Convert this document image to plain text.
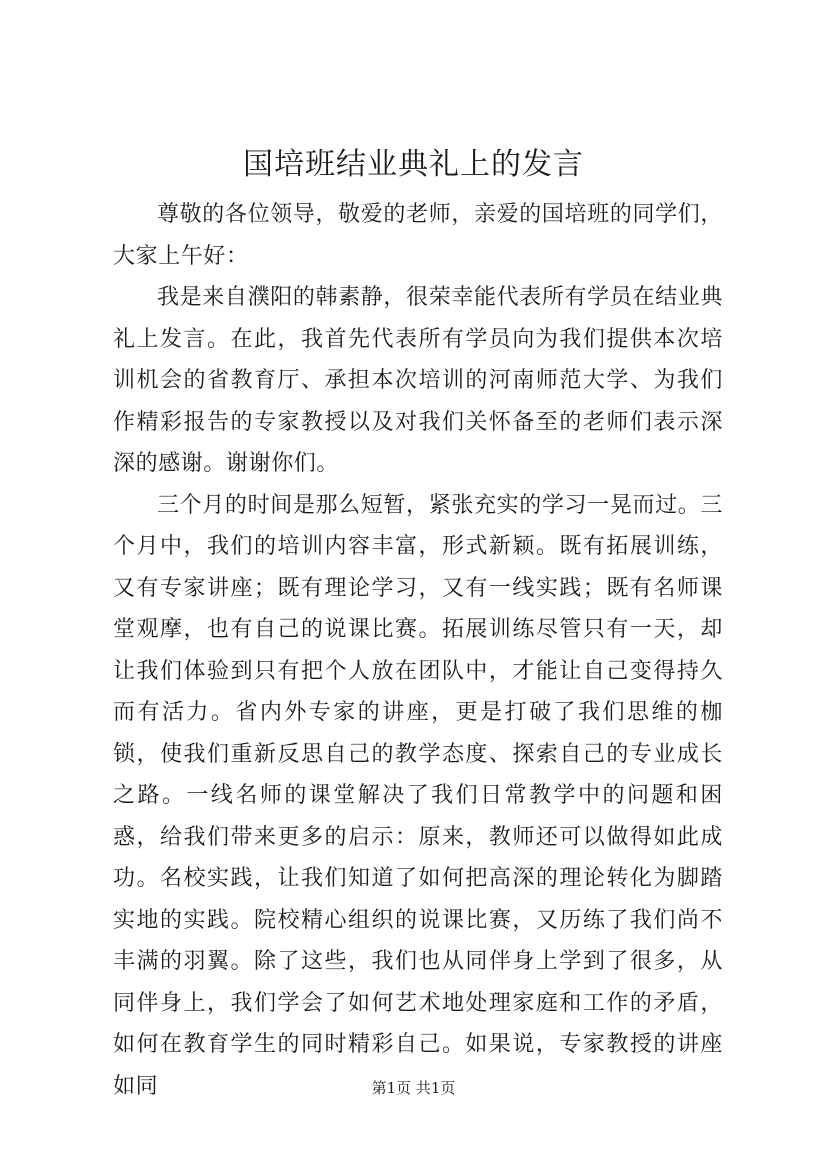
国培班结业典礼上的发言

尊敬的各位领导，敬爱的老师，亲爱的国培班的同学们，大家上午好：

我是来自濮阳的韩素静，很荣幸能代表所有学员在结业典礼上发言。在此，我首先代表所有学员向为我们提供本次培训机会的省教育厅、承担本次培训的河南师范大学、为我们作精彩报告的专家教授以及对我们关怀备至的老师们表示深深的感谢。谢谢你们。

三个月的时间是那么短暂，紧张充实的学习一晃而过。三个月中，我们的培训内容丰富，形式新颖。既有拓展训练，又有专家讲座；既有理论学习，又有一线实践；既有名师课堂观摩，也有自己的说课比赛。拓展训练尽管只有一天，却让我们体验到只有把个人放在团队中，才能让自己变得持久而有活力。省内外专家的讲座，更是打破了我们思维的枷锁，使我们重新反思自己的教学态度、探索自己的专业成长之路。一线名师的课堂解决了我们日常教学中的问题和困惑，给我们带来更多的启示：原来，教师还可以做得如此成功。名校实践，让我们知道了如何把高深的理论转化为脚踏实地的实践。院校精心组织的说课比赛，又历练了我们尚不丰满的羽翼。除了这些，我们也从同伴身上学到了很多，从同伴身上，我们学会了如何艺术地处理家庭和工作的矛盾，如何在教育学生的同时精彩自己。如果说，专家教授的讲座如同	第1页 共1页
